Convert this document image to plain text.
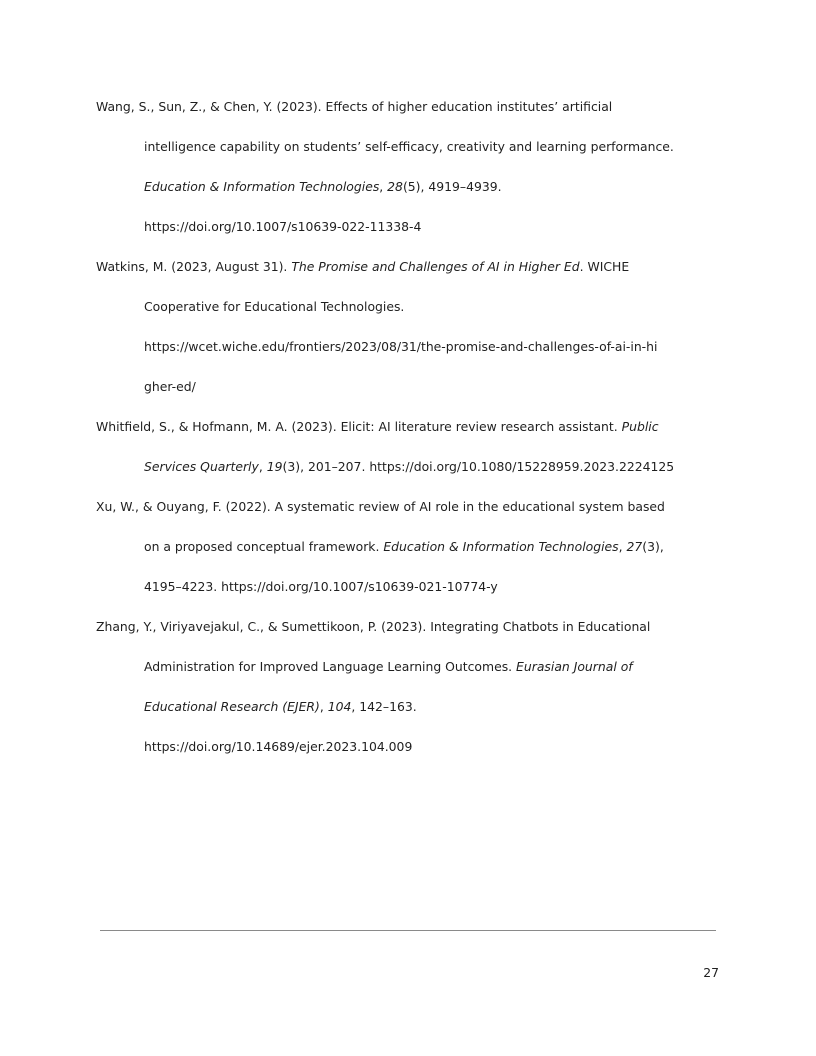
Wang, S., Sun, Z., & Chen, Y. (2023). Effects of higher education institutes’ artificial
intelligence capability on students’ self-efficacy, creativity and learning performance.
Education & Information Technologies, 28(5), 4919–4939.
https://doi.org/10.1007/s10639-022-11338-4
Watkins, M. (2023, August 31). The Promise and Challenges of AI in Higher Ed. WICHE
Cooperative for Educational Technologies.
https://wcet.wiche.edu/frontiers/2023/08/31/the-promise-and-challenges-of-ai-in-hi
gher-ed/
Whitfield, S., & Hofmann, M. A. (2023). Elicit: AI literature review research assistant. Public
Services Quarterly, 19(3), 201–207. https://doi.org/10.1080/15228959.2023.2224125
Xu, W., & Ouyang, F. (2022). A systematic review of AI role in the educational system based
on a proposed conceptual framework. Education & Information Technologies, 27(3),
4195–4223. https://doi.org/10.1007/s10639-021-10774-y
Zhang, Y., Viriyavejakul, C., & Sumettikoon, P. (2023). Integrating Chatbots in Educational
Administration for Improved Language Learning Outcomes. Eurasian Journal of
Educational Research (EJER), 104, 142–163.
https://doi.org/10.14689/ejer.2023.104.009
27
